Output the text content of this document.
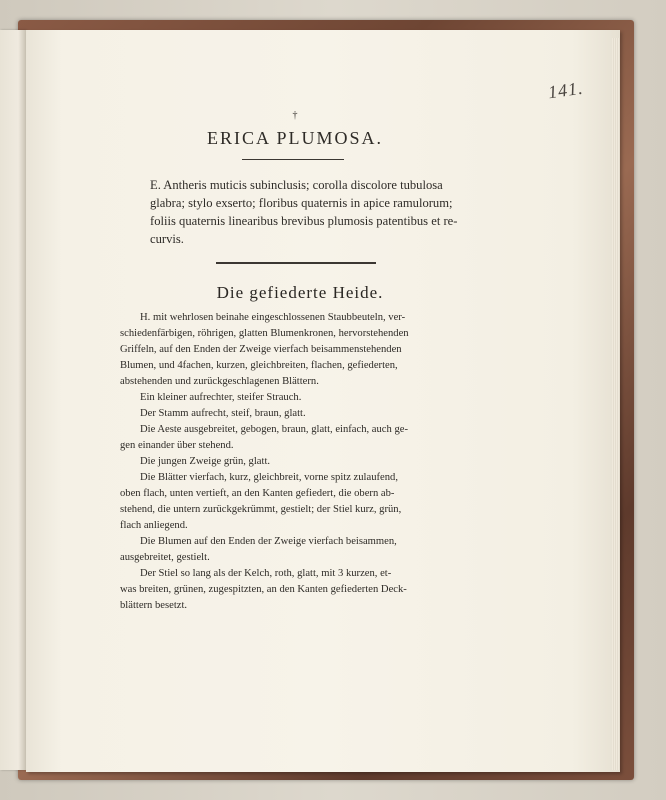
141.
†
ERICA PLUMOSA.
E. Antheris muticis subinclusis; corolla discolore tubulosa
glabra; stylo exserto; floribus quaternis in apice ramulorum;
foliis quaternis linearibus brevibus plumosis patentibus et re-
curvis.
Die gefiederte Heide.
H. mit wehrlosen beinahe eingeschlossenen Staubbeuteln, ver-
schiedenfärbigen, röhrigen, glatten Blumenkronen, hervorstehenden
Griffeln, auf den Enden der Zweige vierfach beisammenstehenden
Blumen, und 4fachen, kurzen, gleichbreiten, flachen, gefiederten,
abstehenden und zurückgeschlagenen Blättern.
Ein kleiner aufrechter, steifer Strauch.
Der Stamm aufrecht, steif, braun, glatt.
Die Aeste ausgebreitet, gebogen, braun, glatt, einfach, auch ge-
gen einander über stehend.
Die jungen Zweige grün, glatt.
Die Blätter vierfach, kurz, gleichbreit, vorne spitz zulaufend,
oben flach, unten vertieft, an den Kanten gefiedert, die obern ab-
stehend, die untern zurückgekrümmt, gestielt; der Stiel kurz, grün,
flach anliegend.
Die Blumen auf den Enden der Zweige vierfach beisammen,
ausgebreitet, gestielt.
Der Stiel so lang als der Kelch, roth, glatt, mit 3 kurzen, et-
was breiten, grünen, zugespitzten, an den Kanten gefiederten Deck-
blättern besetzt.
